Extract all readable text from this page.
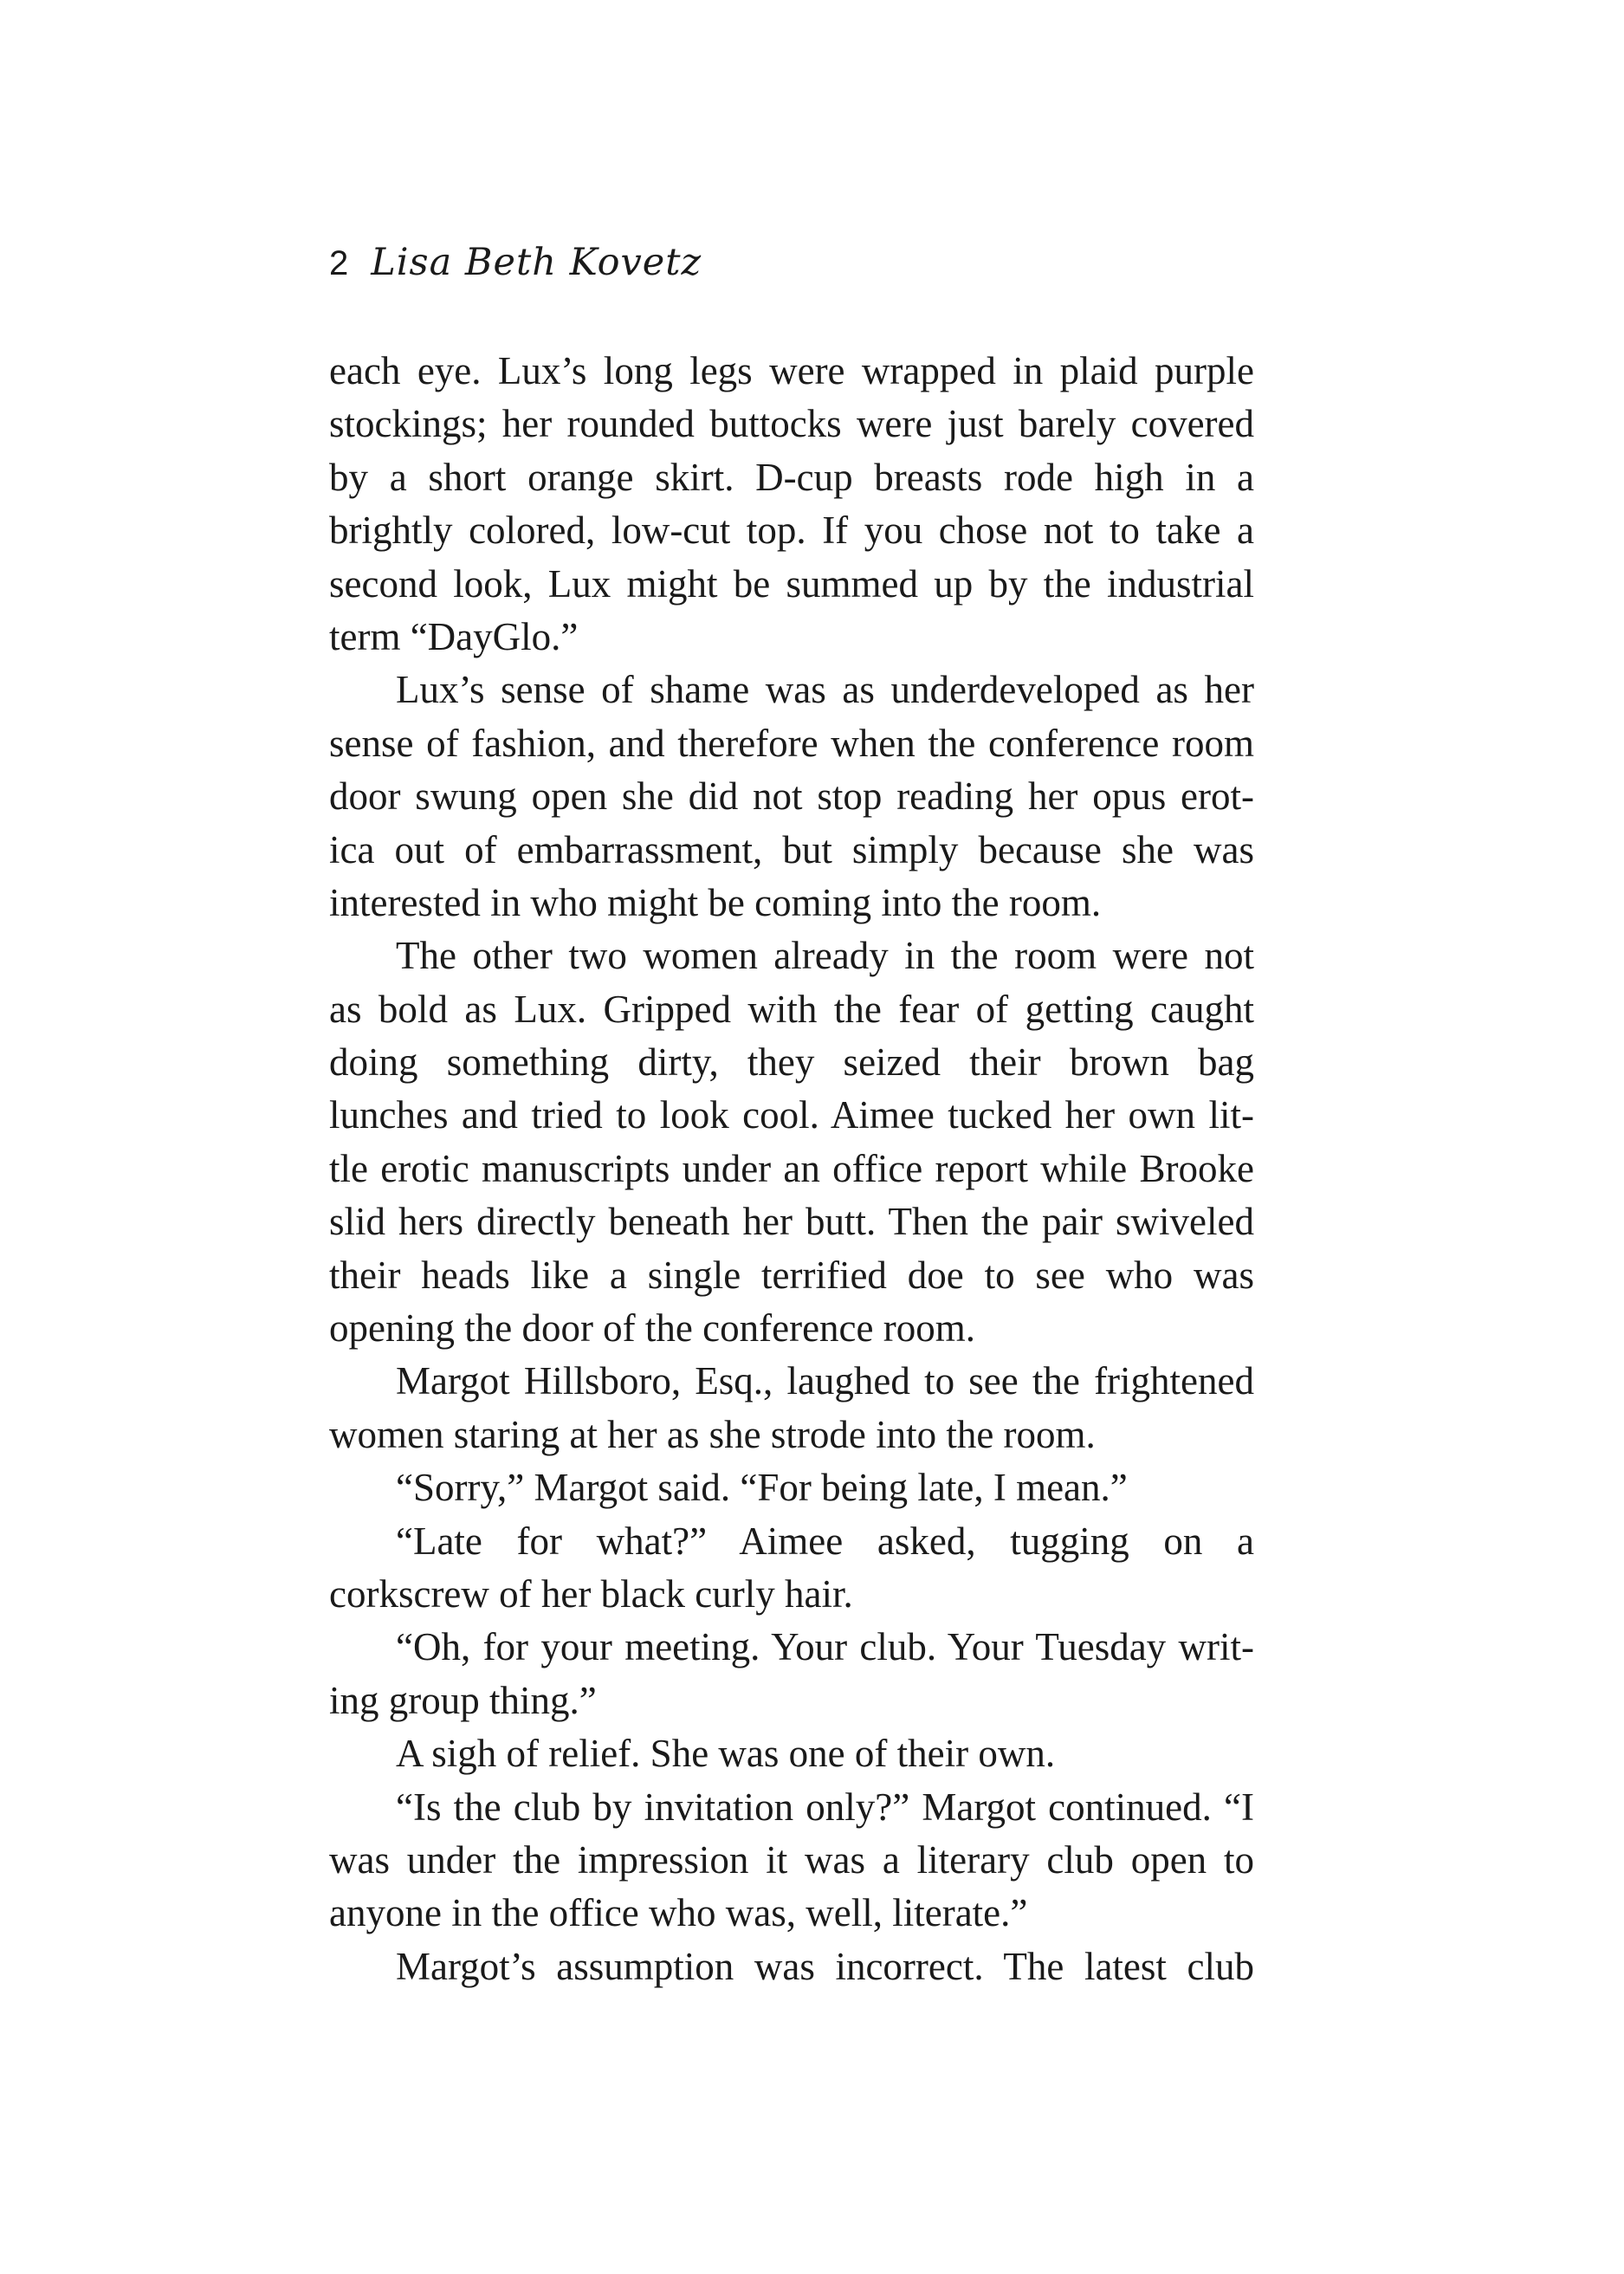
2 Lisa Beth Kovetz
each eye. Lux’s long legs were wrapped in plaid purple
stockings; her rounded buttocks were just barely covered
by a short orange skirt. D-cup breasts rode high in a
brightly colored, low-cut top. If you chose not to take a
second look, Lux might be summed up by the industrial
term “DayGlo.”
Lux’s sense of shame was as underdeveloped as her
sense of fashion, and therefore when the conference room
door swung open she did not stop reading her opus erot-
ica out of embarrassment, but simply because she was
interested in who might be coming into the room.
The other two women already in the room were not
as bold as Lux. Gripped with the fear of getting caught
doing something dirty, they seized their brown bag
lunches and tried to look cool. Aimee tucked her own lit-
tle erotic manuscripts under an office report while Brooke
slid hers directly beneath her butt. Then the pair swiveled
their heads like a single terrified doe to see who was
opening the door of the conference room.
Margot Hillsboro, Esq., laughed to see the frightened
women staring at her as she strode into the room.
“Sorry,” Margot said. “For being late, I mean.”
“Late for what?” Aimee asked, tugging on a
corkscrew of her black curly hair.
“Oh, for your meeting. Your club. Your Tuesday writ-
ing group thing.”
A sigh of relief. She was one of their own.
“Is the club by invitation only?” Margot continued. “I
was under the impression it was a literary club open to
anyone in the office who was, well, literate.”
Margot’s assumption was incorrect. The latest club
